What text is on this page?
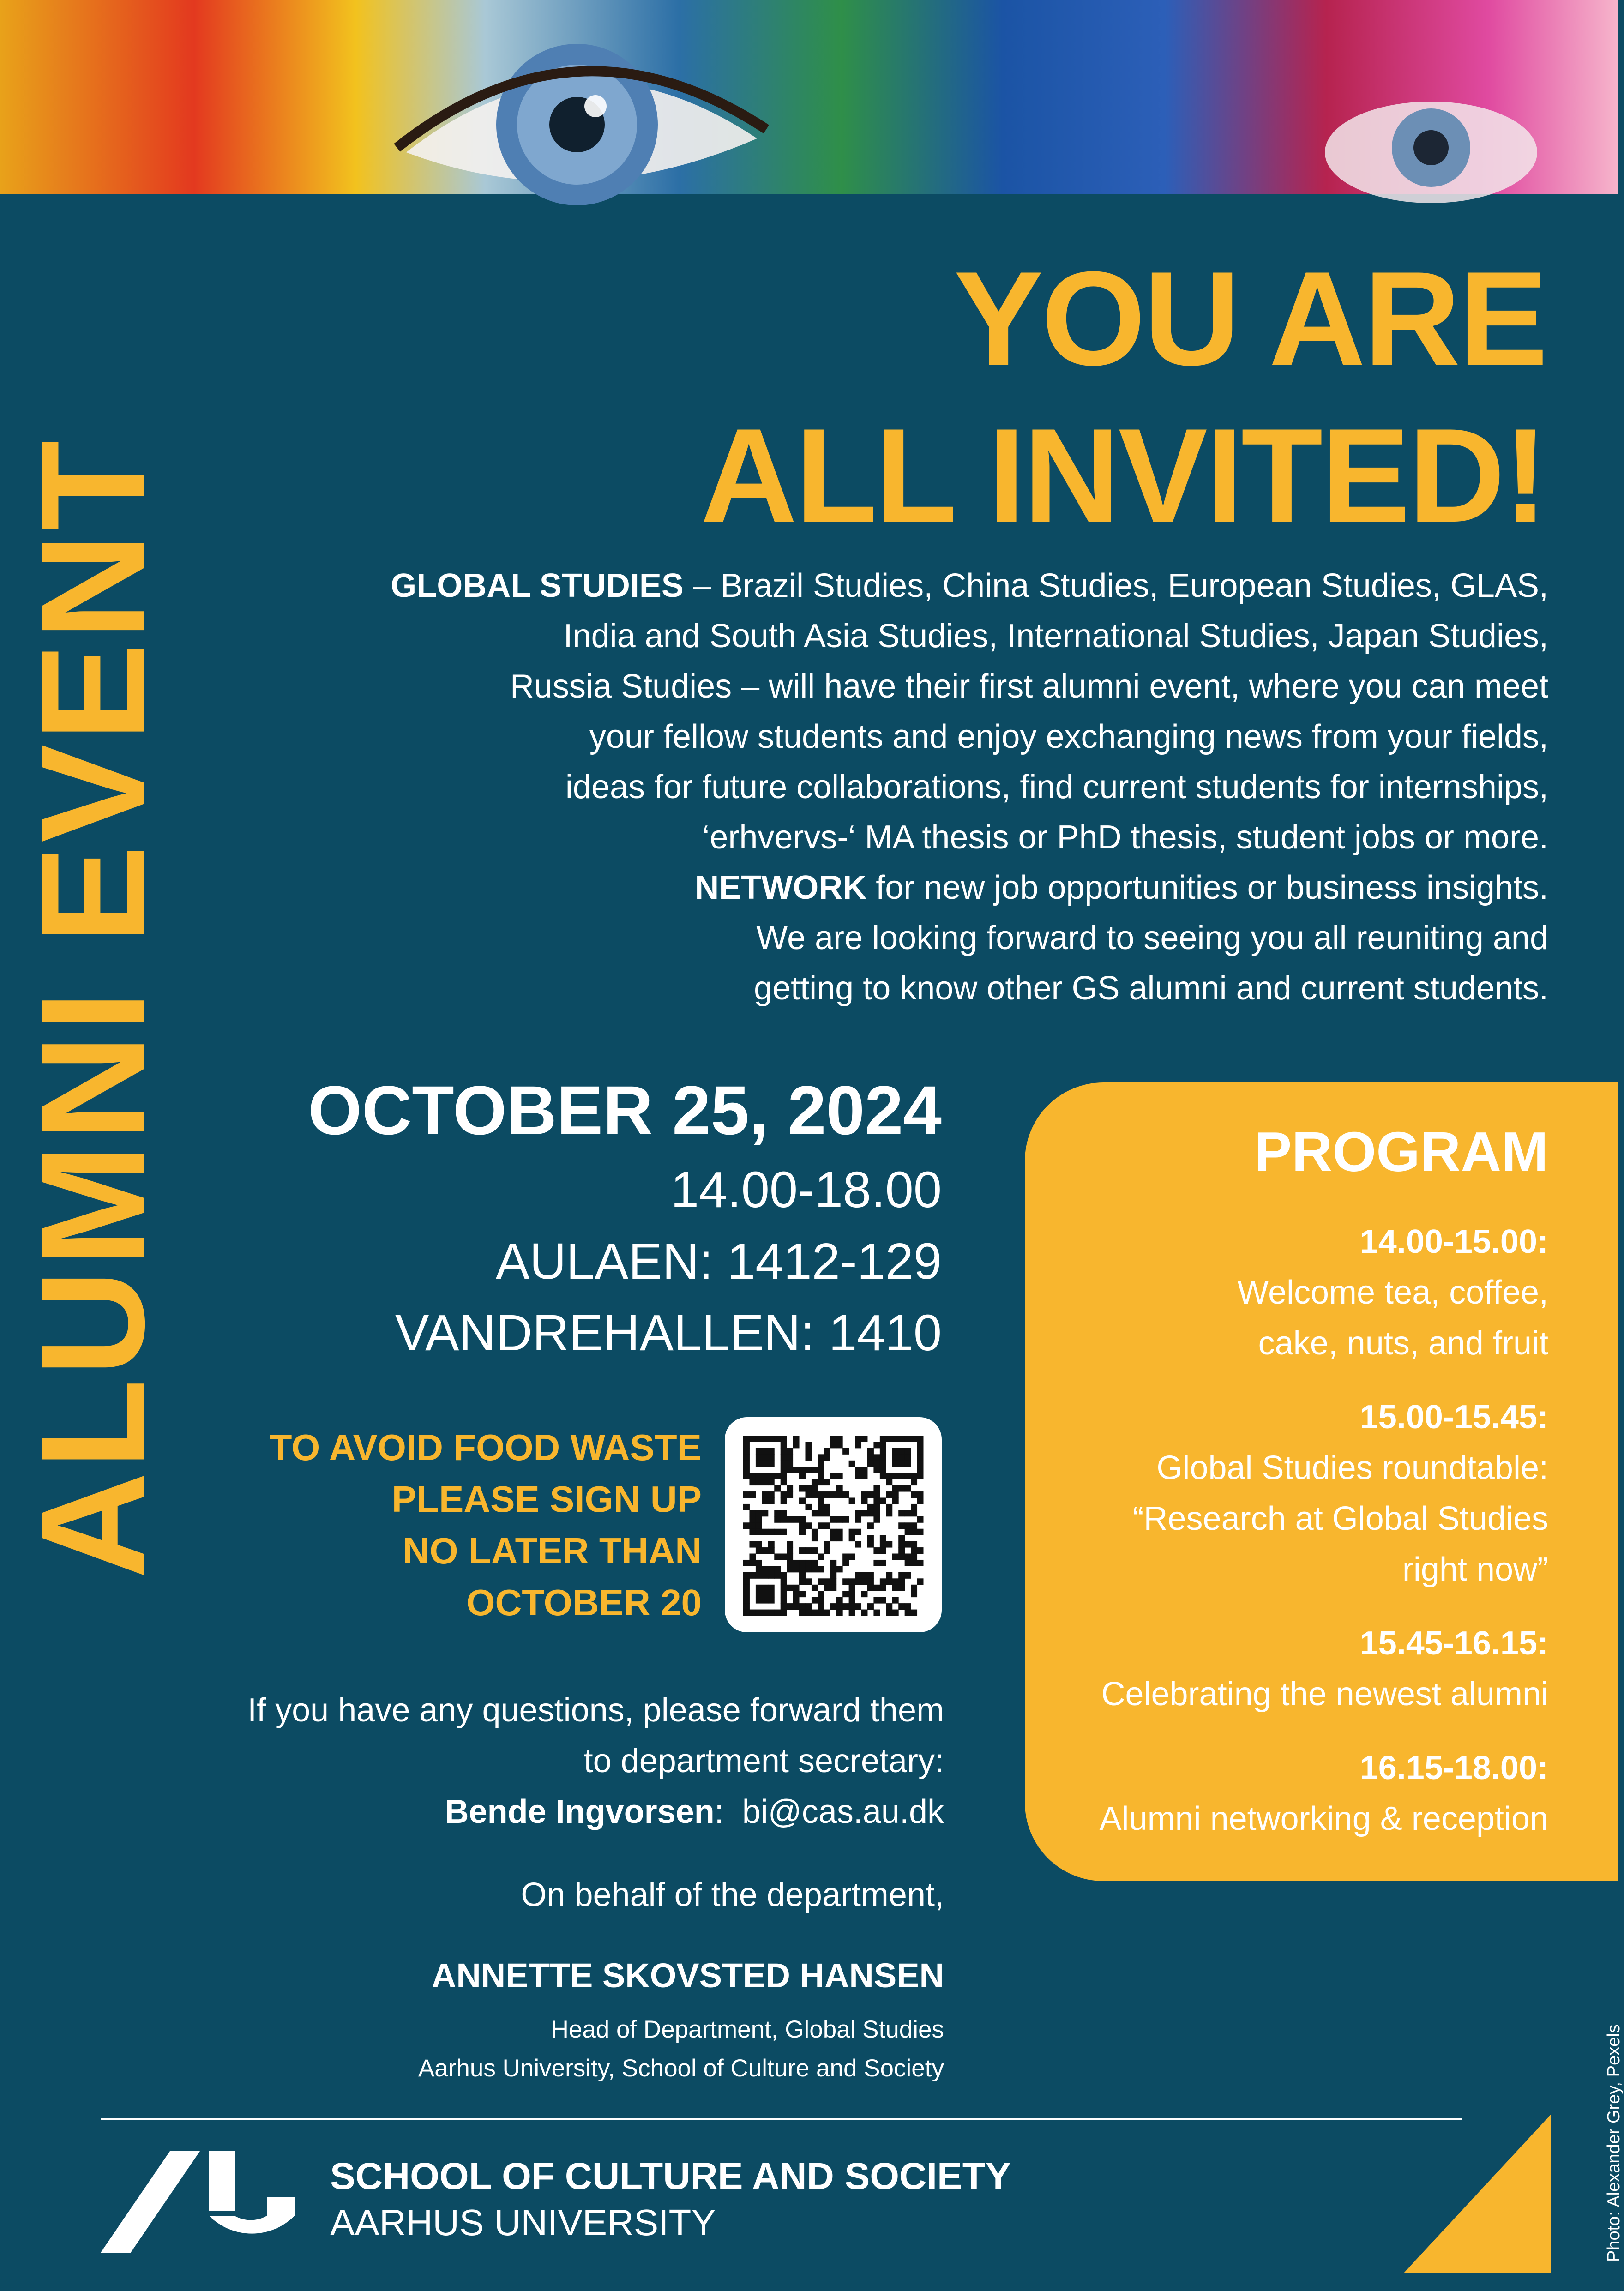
ALUMNI EVENT
YOU ARE
ALL INVITED!
GLOBAL STUDIES – Brazil Studies, China Studies, European Studies, GLAS,
India and South Asia Studies, International Studies, Japan Studies,
Russia Studies – will have their first alumni event, where you can meet
your fellow students and enjoy exchanging news from your fields,
ideas for future collaborations, find current students for internships,
‘erhvervs-‘ MA thesis or PhD thesis, student jobs or more.
NETWORK for new job opportunities or business insights.
We are looking forward to seeing you all reuniting and
getting to know other GS alumni and current students.
OCTOBER 25, 2024
14.00-18.00
AULAEN: 1412-129
VANDREHALLEN: 1410
TO AVOID FOOD WASTE
PLEASE SIGN UP
NO LATER THAN
OCTOBER 20
If you have any questions, please forward them
to department secretary:
Bende Ingvorsen:  bi@cas.au.dk
On behalf of the department,
ANNETTE SKOVSTED HANSEN
Head of Department, Global Studies
Aarhus University, School of Culture and Society
PROGRAM
14.00-15.00:
Welcome tea, coffee,
cake, nuts, and fruit
15.00-15.45:
Global Studies roundtable:
“Research at Global Studies
right now”
15.45-16.15:
Celebrating the newest alumni
16.15-18.00:
Alumni networking & reception
SCHOOL OF CULTURE AND SOCIETY
AARHUS UNIVERSITY	Photo: Alexander Grey, Pexels
